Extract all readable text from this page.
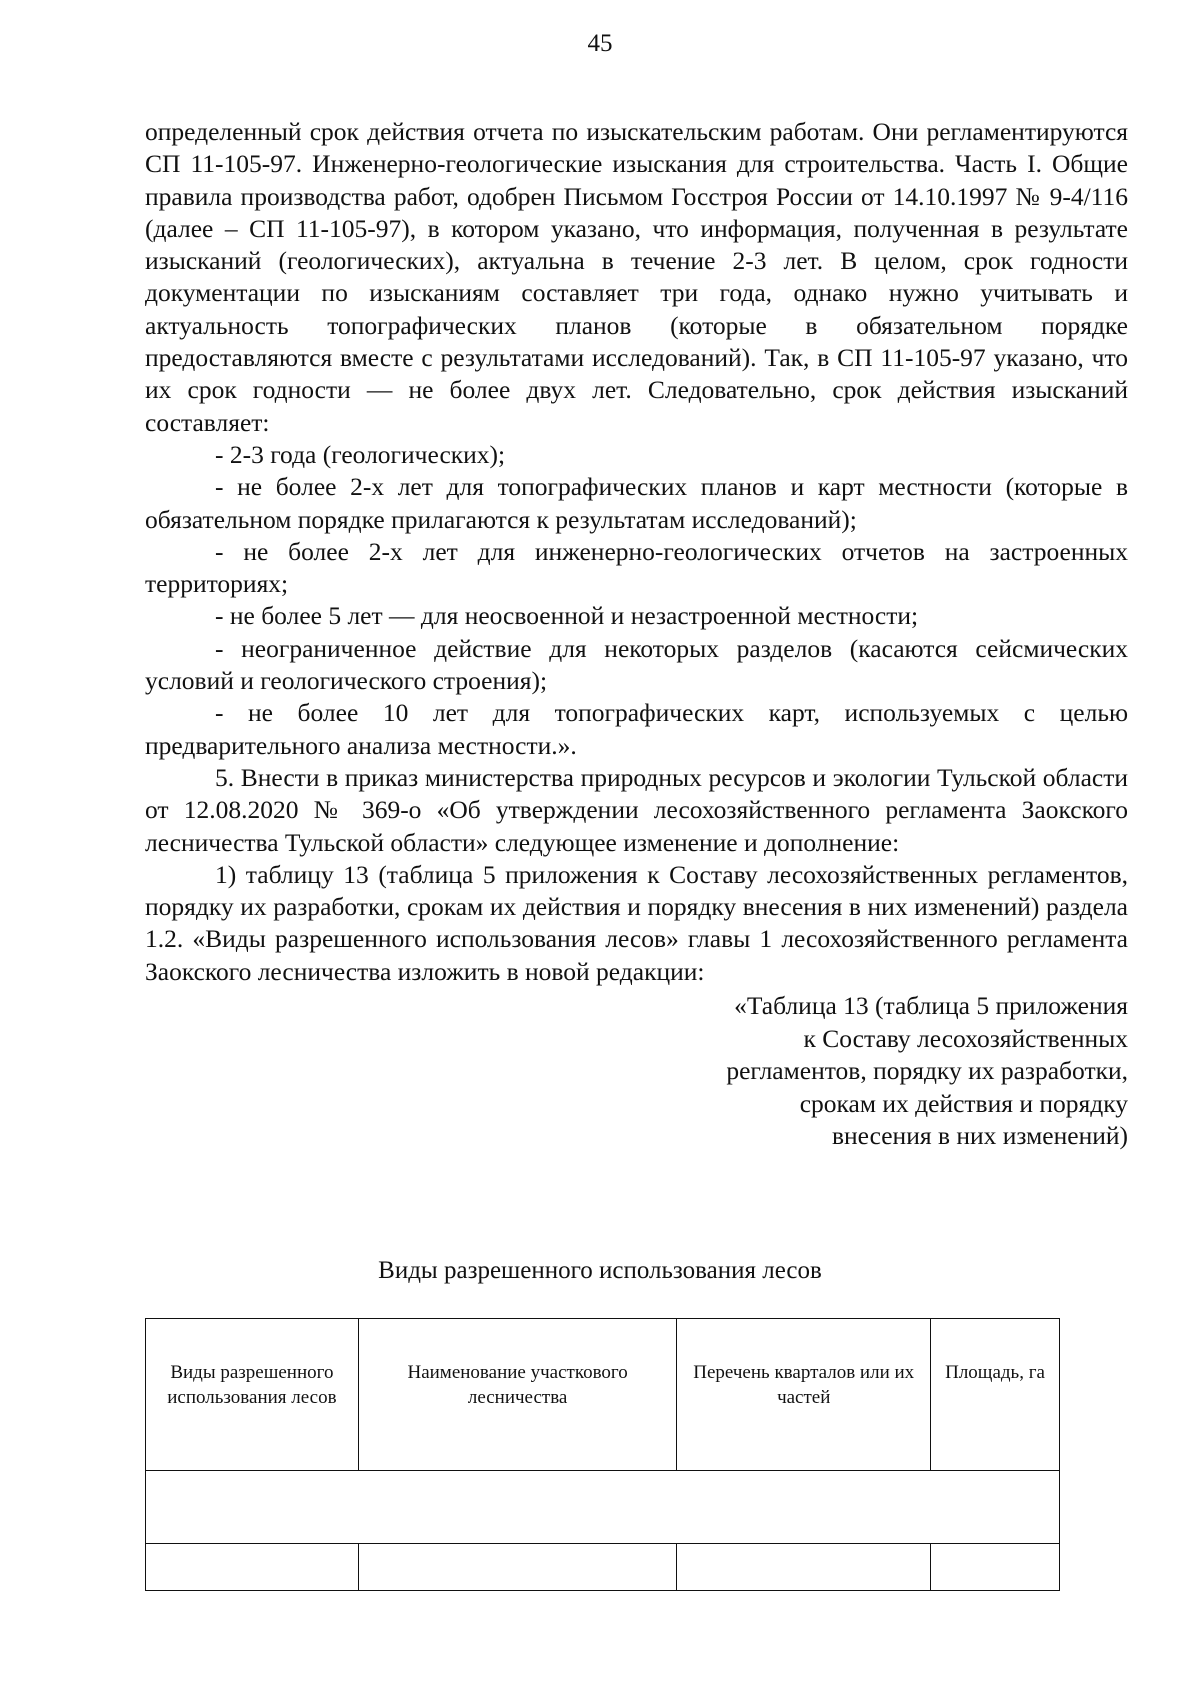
45

определенный срок действия отчета по изыскательским работам. Они регламентируются СП 11-105-97. Инженерно-геологические изыскания для строительства. Часть I. Общие правила производства работ, одобрен Письмом Госстроя России от 14.10.1997 № 9-4/116 (далее – СП 11-105-97), в котором указано, что информация, полученная в результате изысканий (геологических), актуальна в течение 2-3 лет. В целом, срок годности документации по изысканиям составляет три года, однако нужно учитывать и актуальность топографических планов (которые в обязательном порядке предоставляются вместе с результатами исследований). Так, в СП 11-105-97 указано, что их срок годности — не более двух лет. Следовательно, срок действия изысканий составляет:

- 2-3 года (геологических);

- не более 2-х лет для топографических планов и карт местности (которые в обязательном порядке прилагаются к результатам исследований);

- не более 2-х лет для инженерно-геологических отчетов на застроенных территориях;

- не более 5 лет — для неосвоенной и незастроенной местности;

- неограниченное действие для некоторых разделов (касаются сейсмических условий и геологического строения);

- не более 10 лет для топографических карт, используемых с целью предварительного анализа местности.».

5. Внести в приказ министерства природных ресурсов и экологии Тульской области от 12.08.2020 № 369-о «Об утверждении лесохозяйственного регламента Заокского лесничества Тульской области» следующее изменение и дополнение:

1) таблицу 13 (таблица 5 приложения к Составу лесохозяйственных регламентов, порядку их разработки, срокам их действия и порядку внесения в них изменений) раздела 1.2. «Виды разрешенного использования лесов» главы 1 лесохозяйственного регламента Заокского лесничества изложить в новой редакции:

«Таблица 13 (таблица 5 приложения
к Составу лесохозяйственных
регламентов, порядку их разработки,
срокам их действия и порядку
внесения в них изменений)
Виды разрешенного использования лесов
Виды разрешенного использования лесов	Наименование участкового лесничества	Перечень кварталов или их частей	Площадь, га
